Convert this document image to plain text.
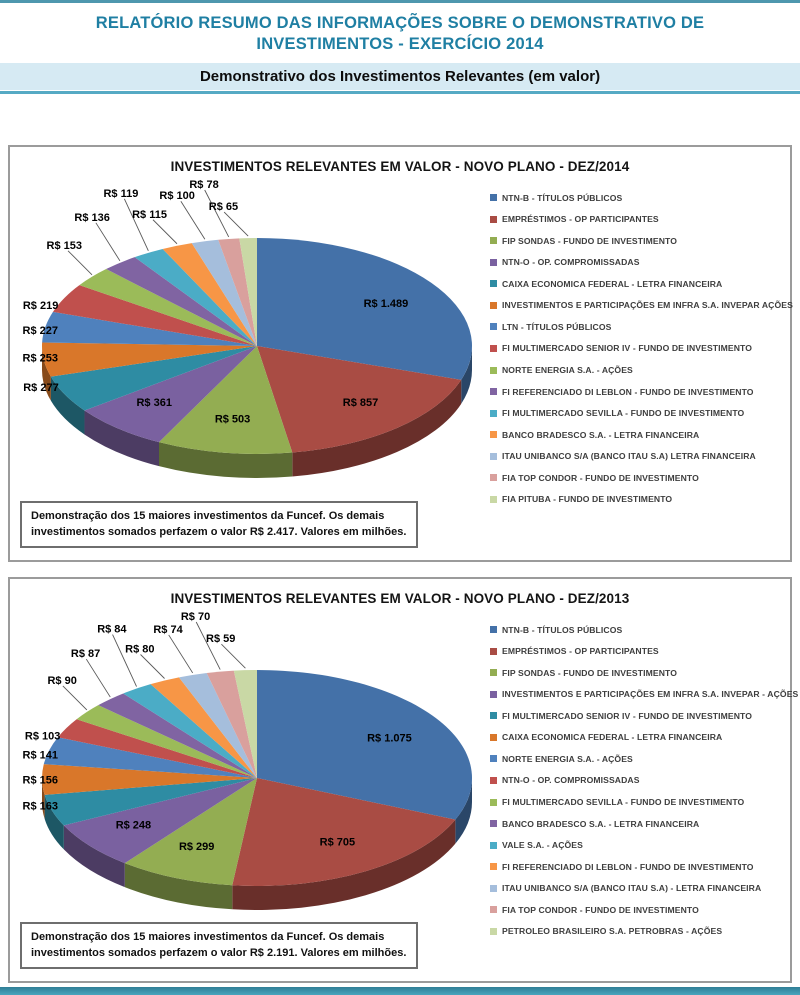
RELATÓRIO RESUMO DAS INFORMAÇÕES SOBRE O DEMONSTRATIVO DE
INVESTIMENTOS - EXERCÍCIO 2014
Demonstrativo dos Investimentos Relevantes (em valor)
INVESTIMENTOS RELEVANTES EM VALOR - NOVO PLANO - DEZ/2014
R$ 1.489
R$ 857
R$ 503
R$ 361
R$ 277
R$ 253
R$ 227
R$ 219
R$ 153
R$ 136
R$ 119
R$ 115
R$ 100
R$ 78
R$ 65
NTN-B - TÍTULOS PÚBLICOS
EMPRÉSTIMOS - OP PARTICIPANTES
FIP SONDAS - FUNDO DE INVESTIMENTO
NTN-O - OP. COMPROMISSADAS
CAIXA ECONOMICA FEDERAL - LETRA FINANCEIRA
INVESTIMENTOS E PARTICIPAÇÕES EM INFRA S.A. INVEPAR AÇÕES
LTN - TÍTULOS PÚBLICOS
FI MULTIMERCADO SENIOR IV - FUNDO DE INVESTIMENTO
NORTE ENERGIA S.A. - AÇÕES
FI REFERENCIADO DI LEBLON - FUNDO DE INVESTIMENTO
FI MULTIMERCADO SEVILLA - FUNDO DE INVESTIMENTO
BANCO BRADESCO S.A. - LETRA FINANCEIRA
ITAU UNIBANCO S/A (BANCO ITAU S.A) LETRA FINANCEIRA
FIA TOP CONDOR - FUNDO DE INVESTIMENTO
FIA PITUBA - FUNDO DE INVESTIMENTO
Demonstração dos 15 maiores investimentos da Funcef. Os demais investimentos somados perfazem o valor R$ 2.417. Valores em milhões.
INVESTIMENTOS RELEVANTES EM VALOR - NOVO PLANO - DEZ/2013
R$ 1.075
R$ 705
R$ 299
R$ 248
R$ 163
R$ 156
R$ 141
R$ 103
R$ 90
R$ 87
R$ 84
R$ 80
R$ 74
R$ 70
R$ 59
NTN-B - TÍTULOS PÚBLICOS
EMPRÉSTIMOS - OP PARTICIPANTES
FIP SONDAS - FUNDO DE INVESTIMENTO
INVESTIMENTOS E PARTICIPAÇÕES EM INFRA S.A. INVEPAR - AÇÕES
FI MULTIMERCADO SENIOR IV - FUNDO DE INVESTIMENTO
CAIXA ECONOMICA FEDERAL - LETRA FINANCEIRA
NORTE ENERGIA S.A. - AÇÕES
NTN-O - OP. COMPROMISSADAS
FI MULTIMERCADO SEVILLA - FUNDO DE INVESTIMENTO
BANCO BRADESCO S.A. - LETRA FINANCEIRA
VALE S.A. - AÇÕES
FI REFERENCIADO DI LEBLON - FUNDO DE INVESTIMENTO
ITAU UNIBANCO S/A (BANCO ITAU S.A) - LETRA FINANCEIRA
FIA TOP CONDOR - FUNDO DE INVESTIMENTO
PETROLEO BRASILEIRO S.A. PETROBRAS - AÇÕES
Demonstração dos 15 maiores investimentos da Funcef. Os demais investimentos somados perfazem o valor R$ 2.191. Valores em milhões.
